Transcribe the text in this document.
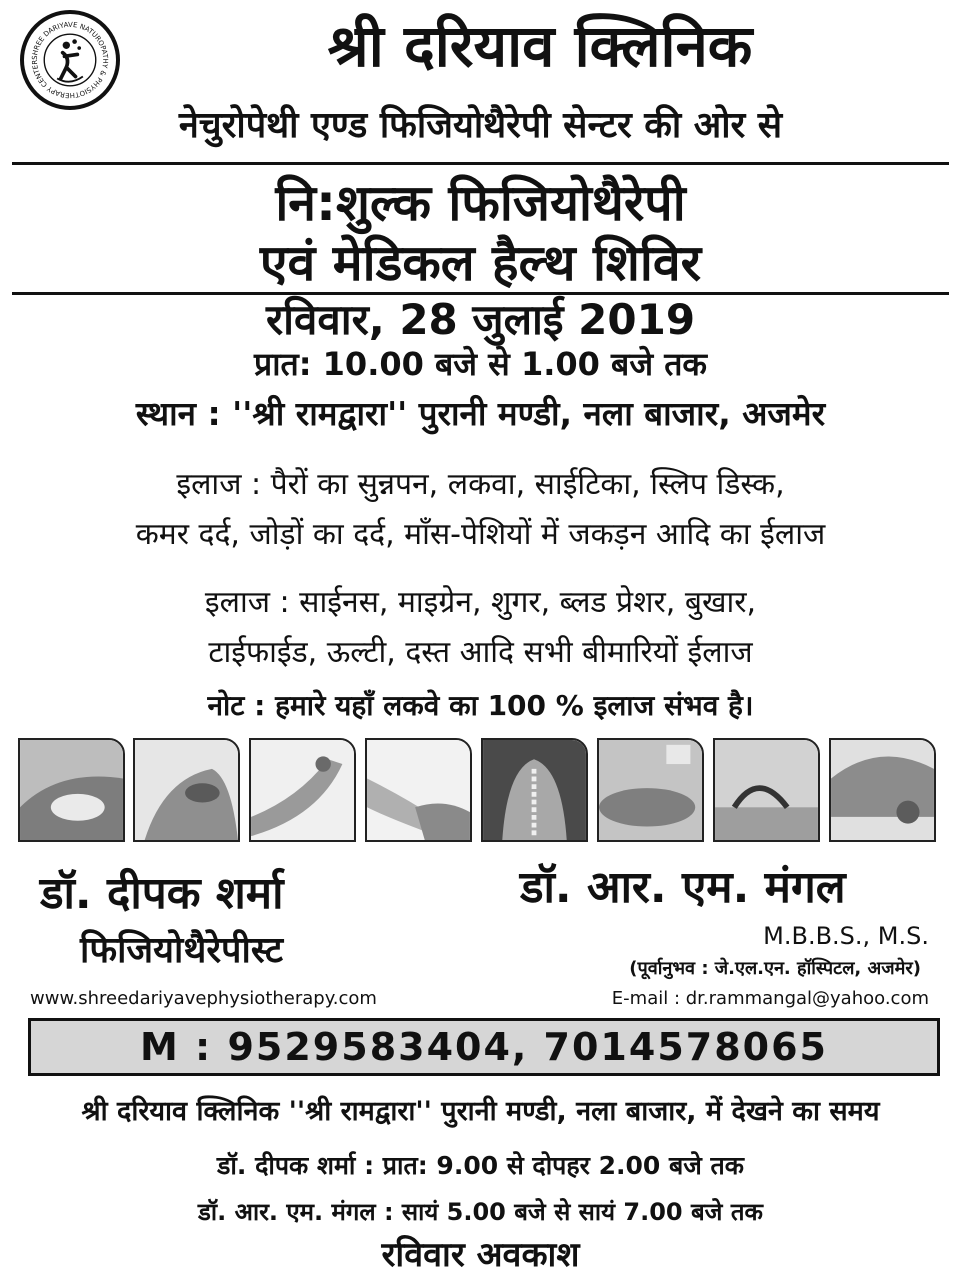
SHREE DARIYAVE NATUROPATHY & PHYSIOTHERAPY CENTER	श्री दरियाव क्लिनिक
नेचुरोपेथी एण्ड फिजियोथैरेपी सेन्टर की ओर से
नि:शुल्क फिजियोथैरेपी
एवं मेडिकल हैल्थ शिविर
रविवार, 28 जुलाई 2019
प्रात: 10.00 बजे से 1.00 बजे तक
स्थान : ''श्री रामद्वारा'' पुरानी मण्डी, नला बाजार, अजमेर
इलाज : पैरों का सुन्नपन, लकवा, साईटिका, स्लिप डिस्क,
कमर दर्द, जोड़ों का दर्द, मॉंस-पेशियों में जकड़न आदि का ईलाज
इलाज : साईनस, माइग्रेन, शुगर, ब्लड प्रेशर, बुखार,
टाईफाईड, ऊल्टी, दस्त आदि सभी बीमारियों ईलाज
नोट : हमारे यहाँ लकवे का 100 % इलाज संभव है।
डॉ. दीपक शर्मा
फिजियोथैरेपीस्ट
www.shreedariyavephysiotherapy.com
डॉ. आर. एम. मंगल
M.B.B.S., M.S.
(पूर्वानुभव : जे.एल.एन. हॉस्पिटल, अजमेर)
E-mail : dr.rammangal@yahoo.com
M : 9529583404, 7014578065
श्री दरियाव क्लिनिक ''श्री रामद्वारा'' पुरानी मण्डी, नला बाजार, में देखने का समय
डॉ. दीपक शर्मा : प्रात: 9.00 से दोपहर 2.00 बजे तक
डॉ. आर. एम. मंगल : सायं 5.00 बजे से सायं 7.00 बजे तक
रविवार अवकाश
